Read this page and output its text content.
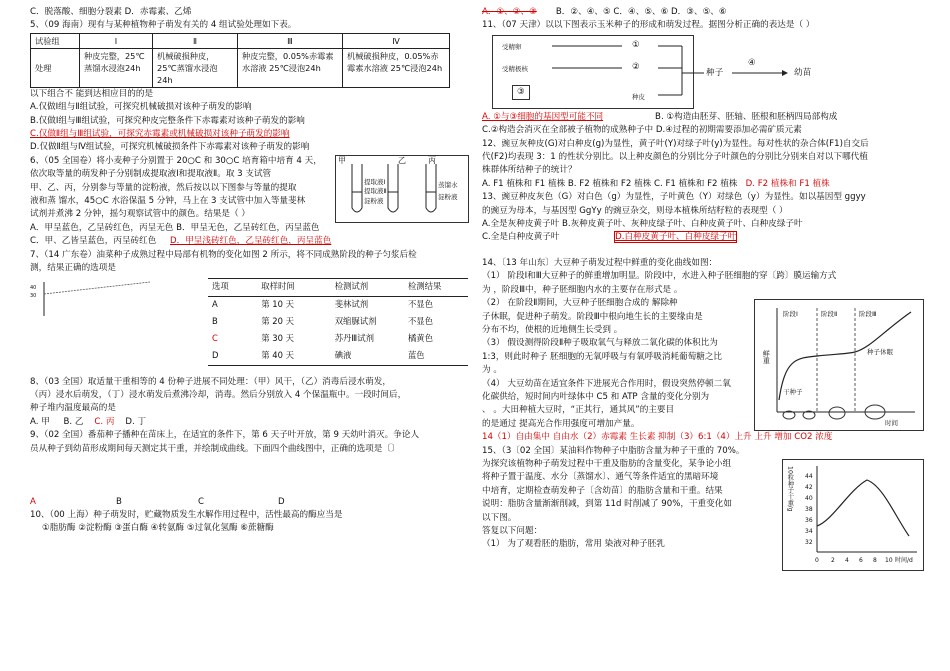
C．脱落酸、细胞分裂素 D．赤霉素、乙烯
5、（09 海南）现有与某种植物种子萌发有关的 4 组试验处理如下表。
试验组	Ⅰ	Ⅱ	Ⅲ	Ⅳ
处理	种皮完整，25℃蒸馏水浸泡24h	机械破损种皮，25℃蒸馏水浸泡24h	种皮完整，0.05%赤霉素水溶液 25℃浸泡24h	机械破损种皮，0.05%赤霉素水溶液 25℃浸泡24h
以下组合不 能到达相应目的的是
A.仅做Ⅰ组与Ⅱ组试验，可探究机械破损对该种子萌发的影响
B.仅做Ⅰ组与Ⅲ组试验，可探究种皮完整条件下赤霉素对该种子萌发的影响
C.仅做Ⅱ组与Ⅲ组试验，可探究赤霉素或机械破损对该种子萌发的影响
D.仅做Ⅱ组与Ⅳ组试验，可探究机械破损条件下赤霉素对该种子萌发的影响
6、（05 全国卷）将小麦种子分别置于 20○C 和 30○C 培育箱中培育 4 天，
依次取等量的萌发种子分别制成提取液Ⅰ和提取液Ⅱ。取 3 支试管
甲、乙、丙，分别参与等量的淀粉液，然后按以以下图参与等量的提取
液和蒸 馏水，45○C 水浴保温 5 分钟，马上在 3 支试管中加入等量斐林
试剂并煮沸 2 分钟，摇匀观察试管中的颜色。结果是（ ）
甲	乙	丙
提取液Ⅰ
提取液Ⅱ
淀粉液
蒸馏水
淀粉液
A．甲呈蓝色，乙呈砖红色，丙呈无色 B．甲呈无色，乙呈砖红色，丙呈蓝色
C．甲、乙皆呈蓝色，丙呈砖红色 D．甲呈浅砖红色，乙呈砖红色，丙呈蓝色
7、（14 广东卷）油菜种子成熟过程中局部有机物的变化如图 2 所示，将不同成熟阶段的种子匀浆后检
测，结果正确的选项是
40
30
选项	取样时间	检测试剂	检测结果
A	第 10 天	斐林试剂	不显色
B	第 20 天	双缩脲试剂	不显色
C	第 30 天	苏丹Ⅲ试剂	橘黄色
D	第 40 天	碘液	蓝色
8、（03 全国）取适量干重相等的 4 份种子进展不同处理：（甲）风干，（乙）消毒后浸水萌发，
（丙）浸水后萌发，（丁）浸水萌发后煮沸冷却，消毒。然后分别放入 4 个保温瓶中。一段时间后，
种子堆内温度最高的是
A. 甲 B. 乙 C. 丙 D. 丁
9、（02 全国）番茄种子播种在苗床上，在适宜的条件下，第 6 天子叶开放，第 9 天幼叶消灭。争论人
员从种子到幼苗形成期间每天测定其干重，并绘制成曲线。下面四个曲线图中，正确的选项是〔〕
A	B	C	D
10、（00 上海）种子萌发时，贮藏物质发生水解作用过程中，活性最高的酶应当是
①脂肪酶 ②淀粉酶 ③蛋白酶 ④转氨酶 ⑤过氧化氢酶 ⑥蔗糖酶
A．①、②、③ B．②、④、⑤ C．④、⑤、⑥ D．③、⑤、⑥
11、（07 天津）以以下图表示玉米种子的形成和萌发过程。据图分析正确的表达是（ ）
受精卵
受精极核
①
②
③	种皮
种子
④
幼苗
A. ①与③细胞的基因型可能不同	B. ①构造由胚芽、胚轴、胚根和胚柄四局部构成
C.②构造会消灭在全部被子植物的成熟种子中 D.④过程的初期需要添加必需矿质元素
12、豌豆灰种皮(G)对白种皮(g)为显性，黄子叶(Y)对绿子叶(y)为显性。每对性状的杂合体(F1)自交后
代(F2)均表现 3：1 的性状分别比。以上种皮颜色的分别比分子叶颜色的分别比分别来自对以下哪代植
株群体所结种子的统计？
A. F1 植株和 F1 植株 B. F2 植株和 F2 植株 C. F1 植株和 F2 植株 D. F2 植株和 F1 植株
13、豌豆种皮灰色（G）对白色（g）为显性，子叶黄色（Y）对绿色（y）为显性。如以基因型 ggyy
的豌豆为母本，与基因型 GgYy 的豌豆杂交，则母本植株所结籽粒的表现型（ ）
A.全是灰种皮黄子叶 B.灰种皮黄子叶、灰种皮绿子叶、白种皮黄子叶、白种皮绿子叶
C.全是白种皮黄子叶	D.白种皮黄子叶、白种皮绿子叶
14、〔13 年山东〕大豆种子萌发过程中鲜重的变化曲线如图：
（1） 阶段Ⅰ和Ⅲ大豆种子的鲜重增加明显。阶段Ⅰ中，水进入种子胚细胞的穿〔跨〕膜运输方式
为 ，阶段Ⅲ中，种子胚细胞内水的主要存在形式是 。
（2） 在阶段Ⅱ期间，大豆种子胚细胞合成的 解除种
子休眠，促进种子萌发。阶段Ⅲ中根向地生长的主要缘由是
分布不均，使根的近地侧生长受到 。
（3） 假设测得阶段Ⅱ种子吸取氧气与释放二氧化碳的体积比为
1:3，则此时种子 胚细胞的无氧呼吸与有氧呼吸消耗葡萄糖之比
为 。
（4） 大豆幼苗在适宜条件下进展光合作用时，假设突然停顿二氧
化碳供给，短时间内叶绿体中 C5 和 ATP 含量的变化分别为
、 。大田种植大豆时，“正其行，通其风”的主要目
的是通过 提高光合作用强度可增加产量。
14（1）自由集中 自由水（2）赤霉素 生长素 抑制（3）6:1（4）上升 上升 增加 CO2 浓度
鲜重
阶段Ⅰ	阶段Ⅱ	阶段Ⅲ
干种子
种子休眠
时间
15、（3〔02 全国〕某油料作物种子中脂肪含量为种子干重的 70%。
为探究该植物种子萌发过程中干重及脂肪的含量变化，某争论小组
将种子置于温度、水分〔蒸馏水〕、通气等条件适宜的黑暗环境
中培育，定期检查萌发种子〔含幼苗〕的脂肪含量和干重。结果
说明：脂肪含量渐渐削减，到第 11d 时削减了 90%，干重变化如
以下图。
答复以下问题：
（1） 为了观看胚的脂肪，常用 染液对种子胚乳
10粒种子干重/g	44
42
40
38
36
34
32
0 2 4 6 8 10 时间/d
